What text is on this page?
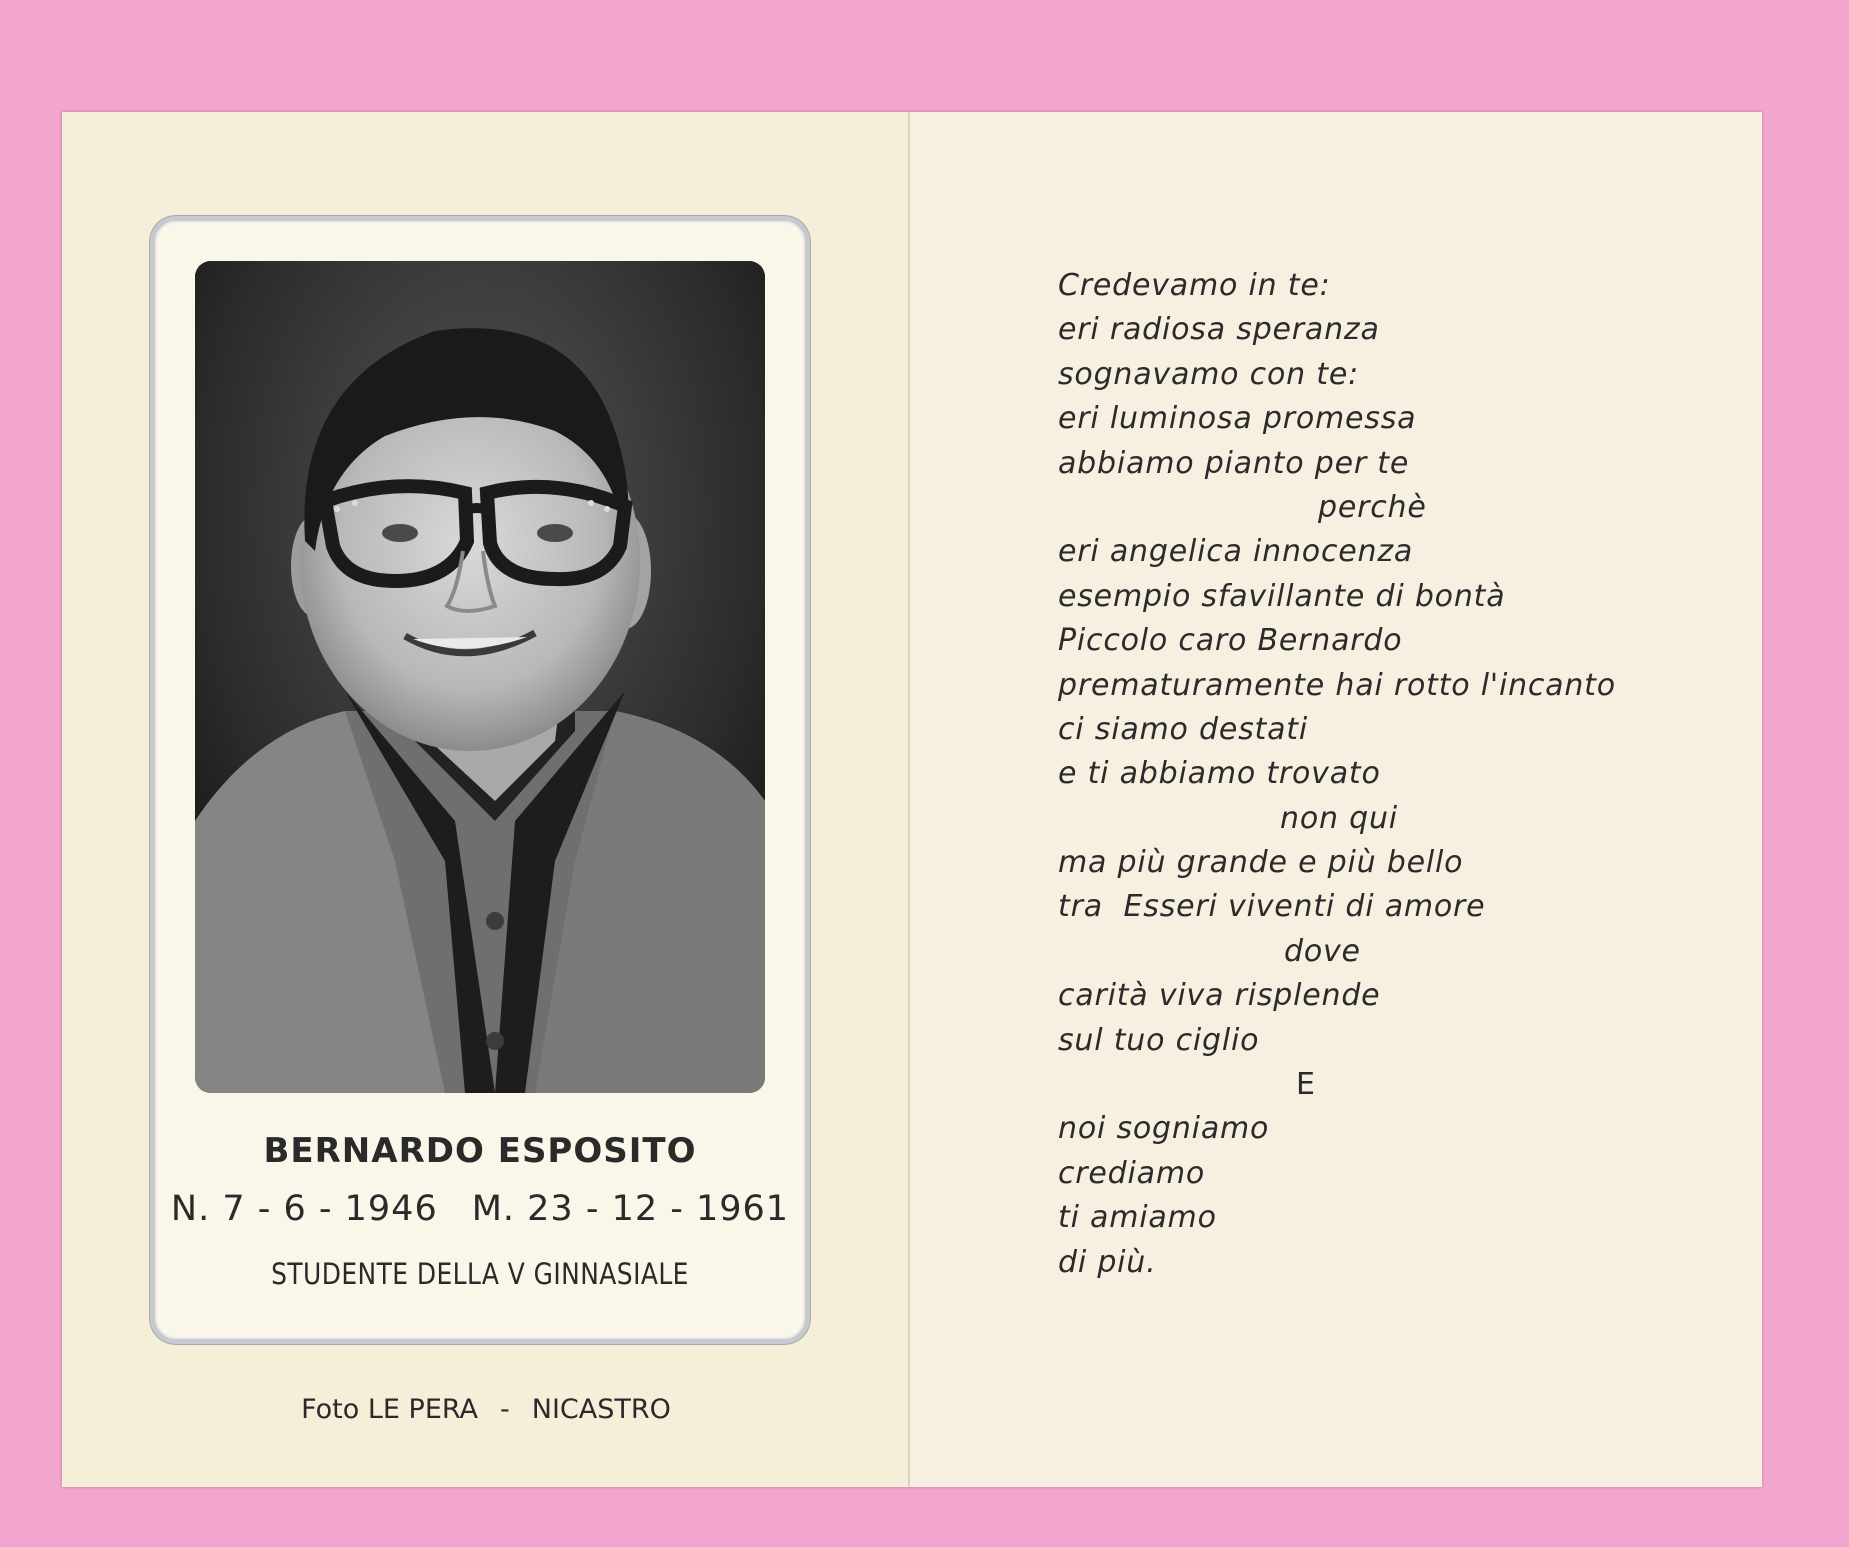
BERNARDO ESPOSITO
N. 7 - 6 - 1946 M. 23 - 12 - 1961
STUDENTE DELLA V GINNASIALE
Foto LE PERA - NICASTRO
Credevamo in te:
eri radiosa speranza
sognavamo con te:
eri luminosa promessa
abbiamo pianto per te
perchè
eri angelica innocenza
esempio sfavillante di bontà
Piccolo caro Bernardo
prematuramente hai rotto l'incanto
ci siamo destati
e ti abbiamo trovato
non qui
ma più grande e più bello
tra  Esseri viventi di amore
dove
carità viva risplende
sul tuo ciglio
E
noi sogniamo
crediamo
ti amiamo
di più.
